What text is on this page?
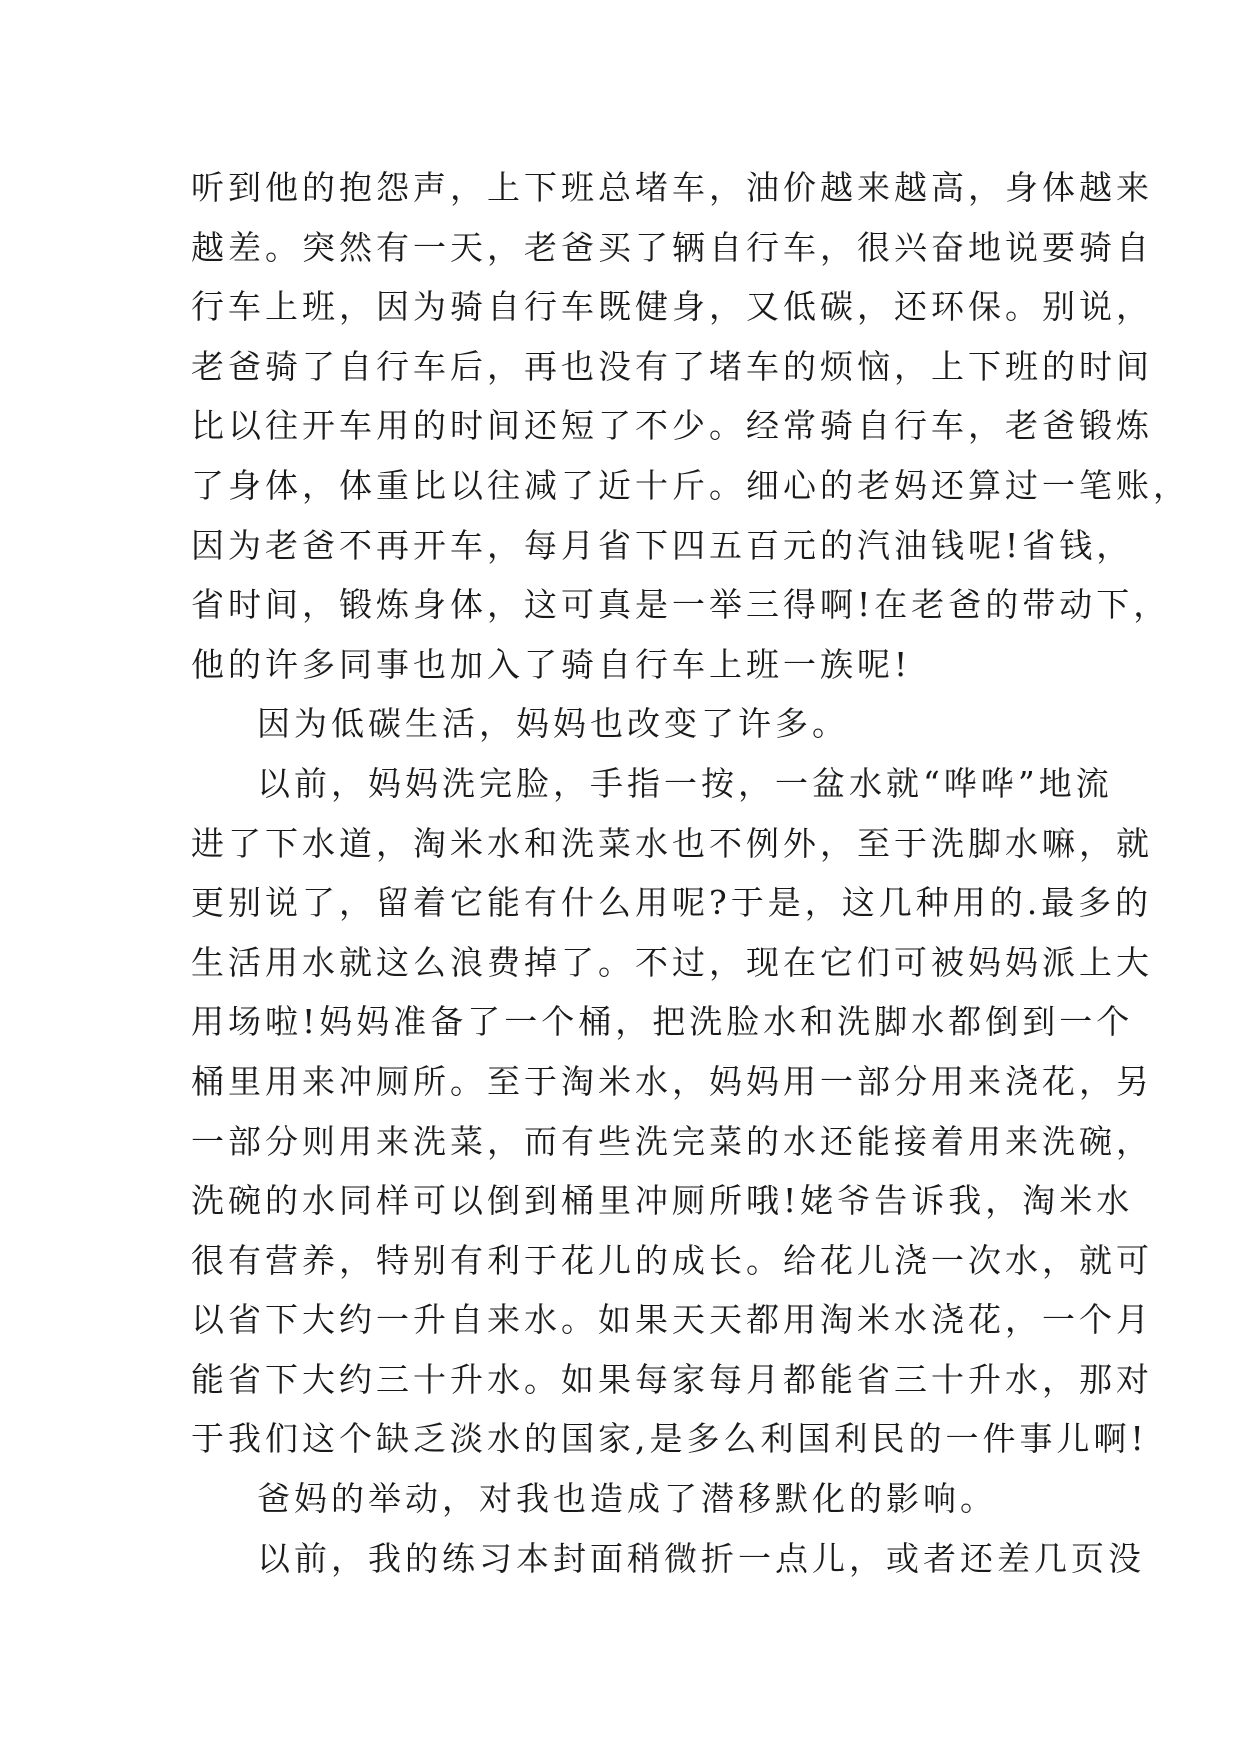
听到他的抱怨声，上下班总堵车，油价越来越高，身体越来
越差。突然有一天，老爸买了辆自行车，很兴奋地说要骑自
行车上班，因为骑自行车既健身，又低碳，还环保。别说，
老爸骑了自行车后，再也没有了堵车的烦恼，上下班的时间
比以往开车用的时间还短了不少。经常骑自行车，老爸锻炼
了身体，体重比以往减了近十斤。细心的老妈还算过一笔账，
因为老爸不再开车，每月省下四五百元的汽油钱呢!省钱，
省时间，锻炼身体，这可真是一举三得啊!在老爸的带动下，
他的许多同事也加入了骑自行车上班一族呢!
因为低碳生活，妈妈也改变了许多。
以前，妈妈洗完脸，手指一按，一盆水就“哗哗”地流
进了下水道，淘米水和洗菜水也不例外，至于洗脚水嘛，就
更别说了，留着它能有什么用呢?于是，这几种用的.最多的
生活用水就这么浪费掉了。不过，现在它们可被妈妈派上大
用场啦!妈妈准备了一个桶，把洗脸水和洗脚水都倒到一个
桶里用来冲厕所。至于淘米水，妈妈用一部分用来浇花，另
一部分则用来洗菜，而有些洗完菜的水还能接着用来洗碗，
洗碗的水同样可以倒到桶里冲厕所哦!姥爷告诉我，淘米水
很有营养，特别有利于花儿的成长。给花儿浇一次水，就可
以省下大约一升自来水。如果天天都用淘米水浇花，一个月
能省下大约三十升水。如果每家每月都能省三十升水，那对
于我们这个缺乏淡水的国家,是多么利国利民的一件事儿啊!
爸妈的举动，对我也造成了潜移默化的影响。
以前，我的练习本封面稍微折一点儿，或者还差几页没
